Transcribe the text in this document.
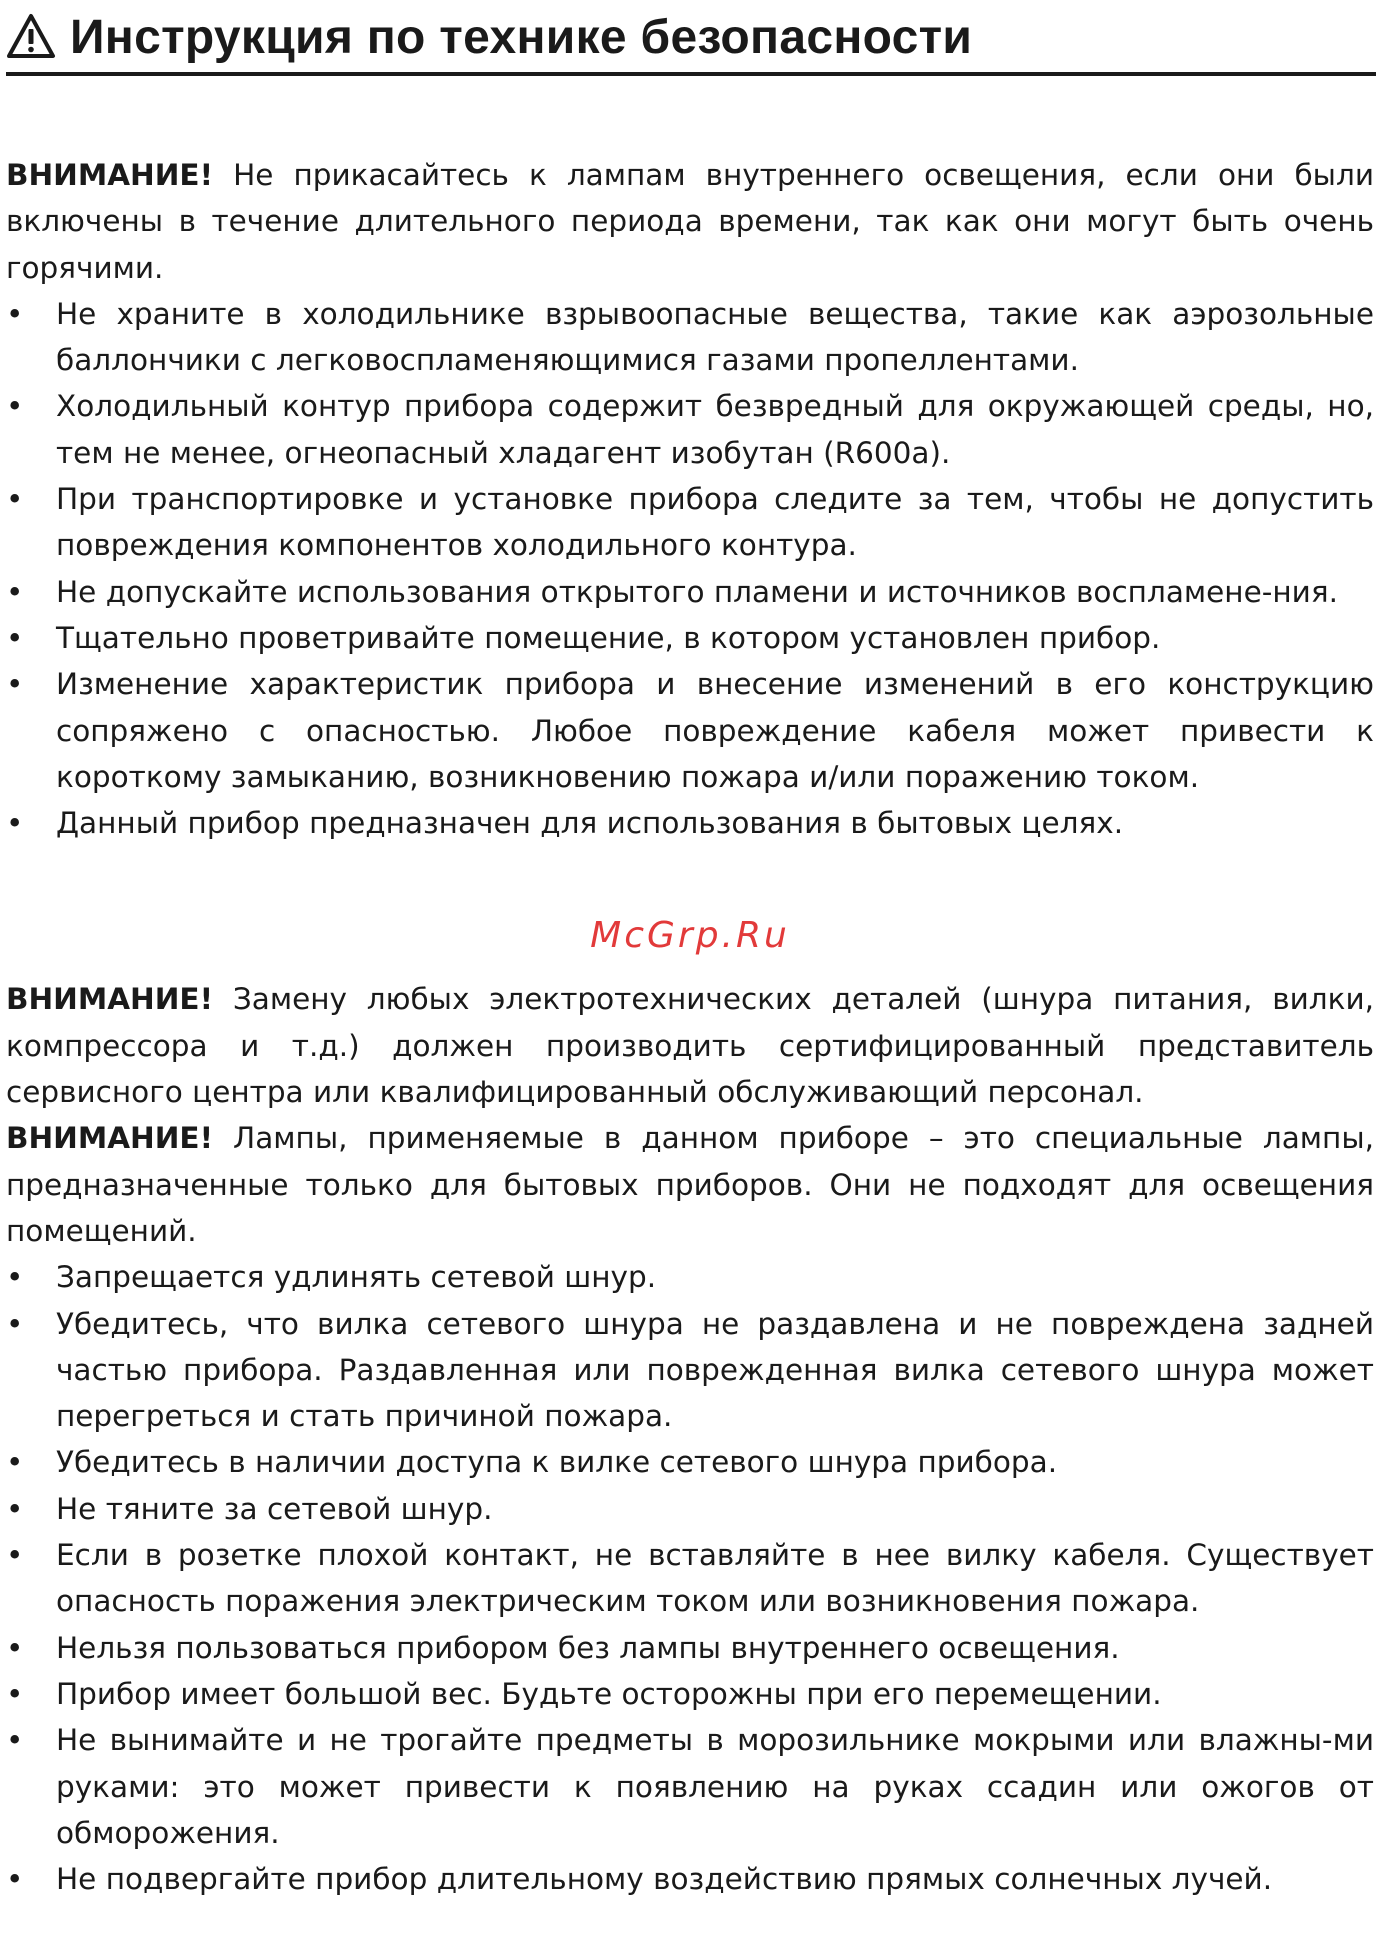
Инструкция по технике безопасности

ВНИМАНИЕ! Не прикасайтесь к лампам внутреннего освещения, если они были включены в течение длительного периода времени, так как они могут быть очень горячими.

• Не храните в холодильнике взрывоопасные вещества, такие как аэрозольные баллончики с легковоспламеняющимися газами пропеллентами.
• Холодильный контур прибора содержит безвредный для окружающей среды, но, тем не менее, огнеопасный хладагент изобутан (R600a).
• При транспортировке и установке прибора следите за тем, чтобы не допустить повреждения компонентов холодильного контура.
• Не допускайте использования открытого пламени и источников воспламене-ния.
• Тщательно проветривайте помещение, в котором установлен прибор.
• Изменение характеристик прибора и внесение изменений в его конструкцию сопряжено с опасностью. Любое повреждение кабеля может привести к короткому замыканию, возникновению пожара и/или поражению током.
• Данный прибор предназначен для использования в бытовых целях.
McGrp.Ru

ВНИМАНИЕ! Замену любых электротехнических деталей (шнура питания, вилки, компрессора и т.д.) должен производить сертифицированный представитель сервисного центра или квалифицированный обслуживающий персонал.

ВНИМАНИЕ! Лампы, применяемые в данном приборе – это специальные лампы, предназначенные только для бытовых приборов. Они не подходят для освещения помещений.

• Запрещается удлинять сетевой шнур.
• Убедитесь, что вилка сетевого шнура не раздавлена и не повреждена задней частью прибора. Раздавленная или поврежденная вилка сетевого шнура может перегреться и стать причиной пожара.
• Убедитесь в наличии доступа к вилке сетевого шнура прибора.
• Не тяните за сетевой шнур.
• Если в розетке плохой контакт, не вставляйте в нее вилку кабеля. Существует опасность поражения электрическим током или возникновения пожара.
• Нельзя пользоваться прибором без лампы внутреннего освещения.
• Прибор имеет большой вес. Будьте осторожны при его перемещении.
• Не вынимайте и не трогайте предметы в морозильнике мокрыми или влажны-ми руками: это может привести к появлению на руках ссадин или ожогов от обморожения.
• Не подвергайте прибор длительному воздействию прямых солнечных лучей.
